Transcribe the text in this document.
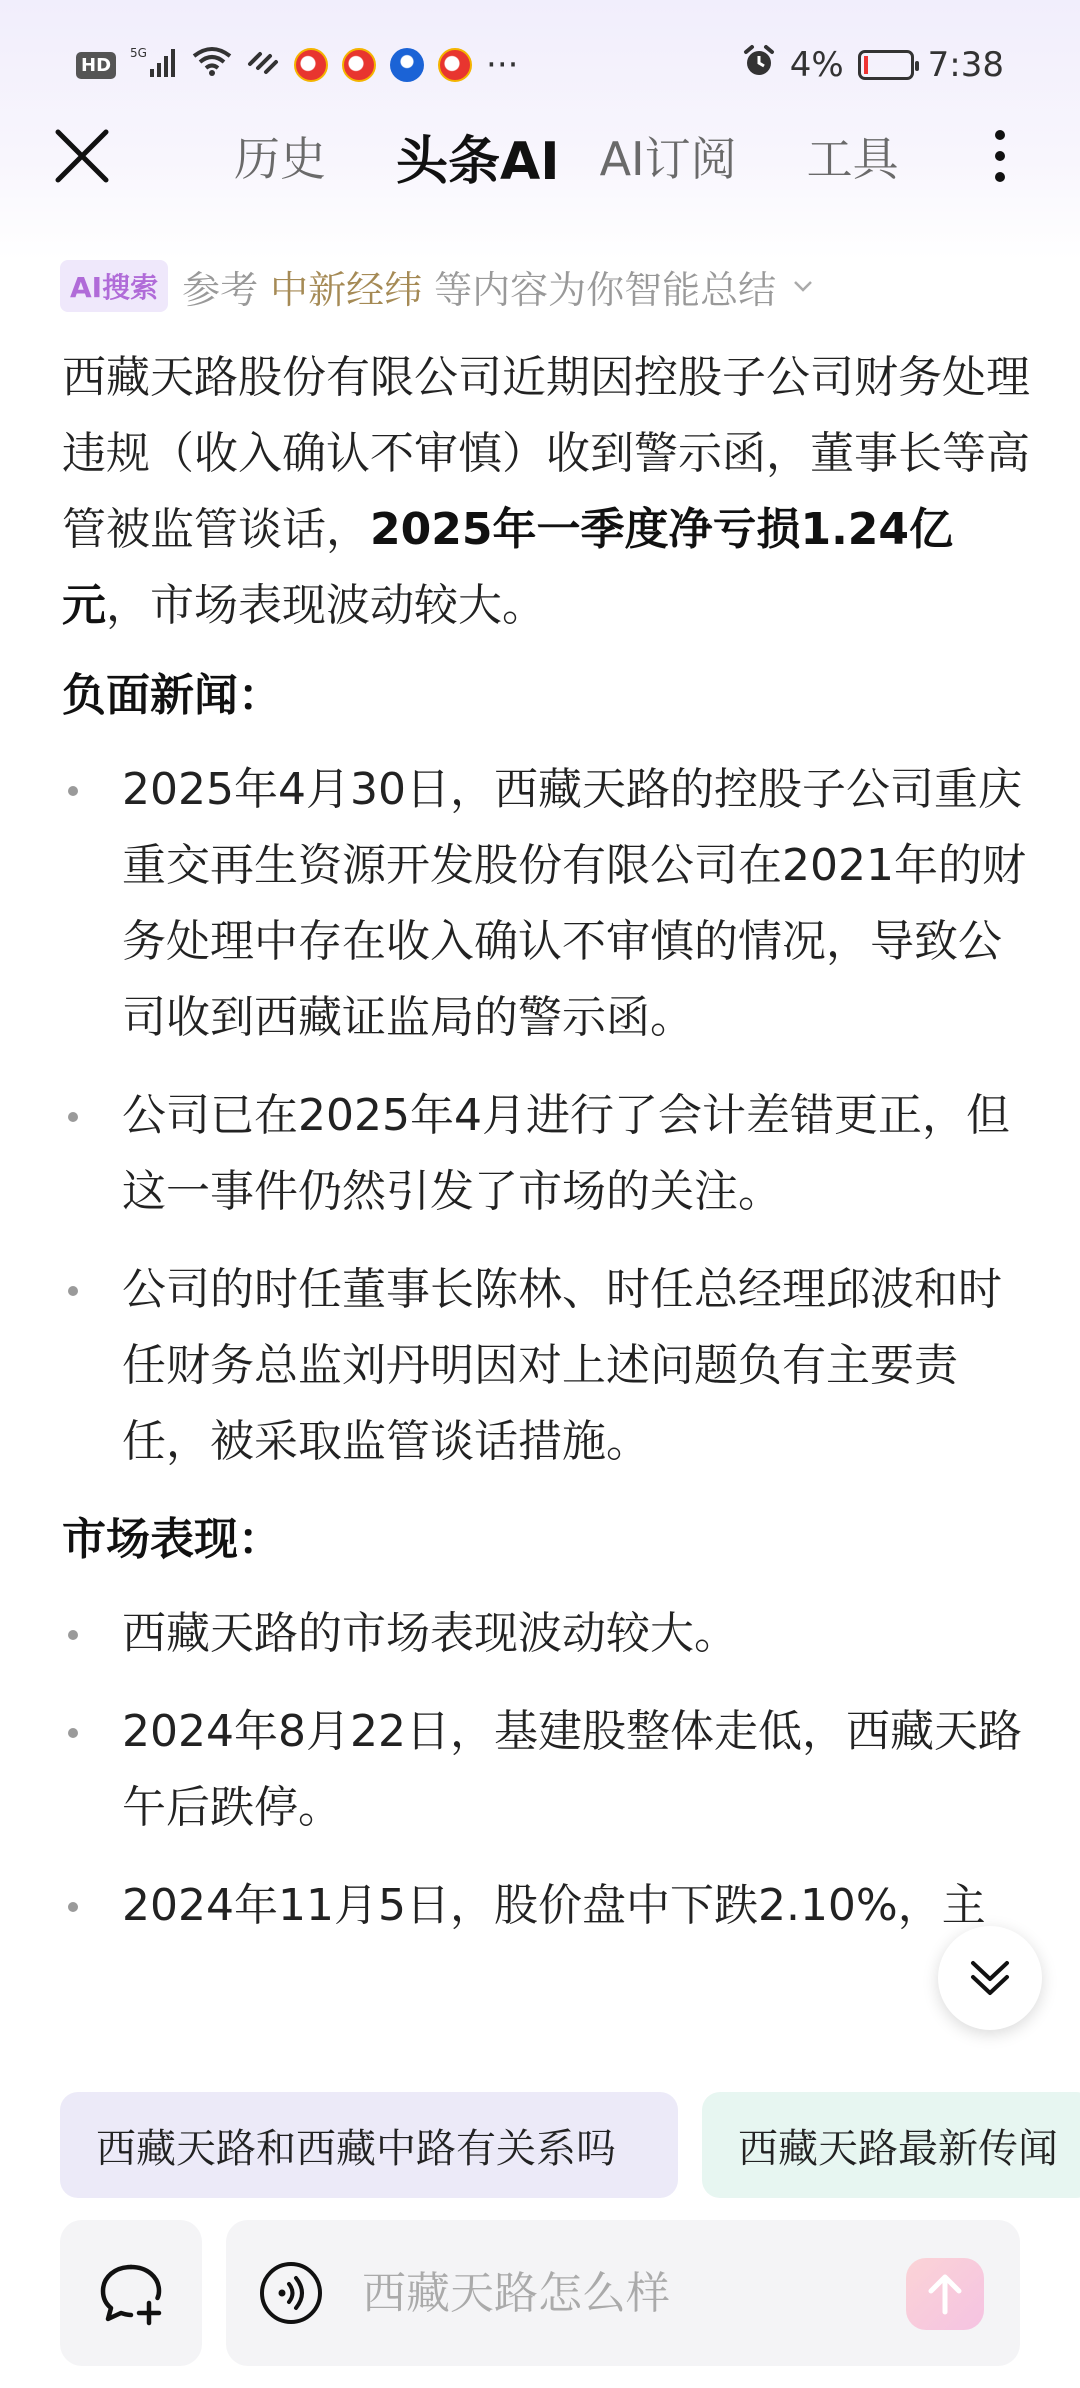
HD
5G	···	4% 7:38
历史 头条AI AI订阅 工具
AI搜索 参考 中新经纬 等内容为你智能总结

西藏天路股份有限公司近期因控股子公司财务处理违规（收入确认不审慎）收到警示函，董事长等高管被监管谈话，2025年一季度净亏损1.24亿元，市场表现波动较大。

负面新闻：
2025年4月30日，西藏天路的控股子公司重庆重交再生资源开发股份有限公司在2021年的财务处理中存在收入确认不审慎的情况，导致公司收到西藏证监局的警示函。
公司已在2025年4月进行了会计差错更正，但这一事件仍然引发了市场的关注。
公司的时任董事长陈林、时任总经理邱波和时任财务总监刘丹明因对上述问题负有主要责任，被采取监管谈话措施。
市场表现：
西藏天路的市场表现波动较大。
2024年8月22日，基建股整体走低，西藏天路午后跌停。
2024年11月5日，股价盘中下跌2.10%，主
西藏天路和西藏中路有关系吗	西藏天路最新传闻
西藏天路怎么样
